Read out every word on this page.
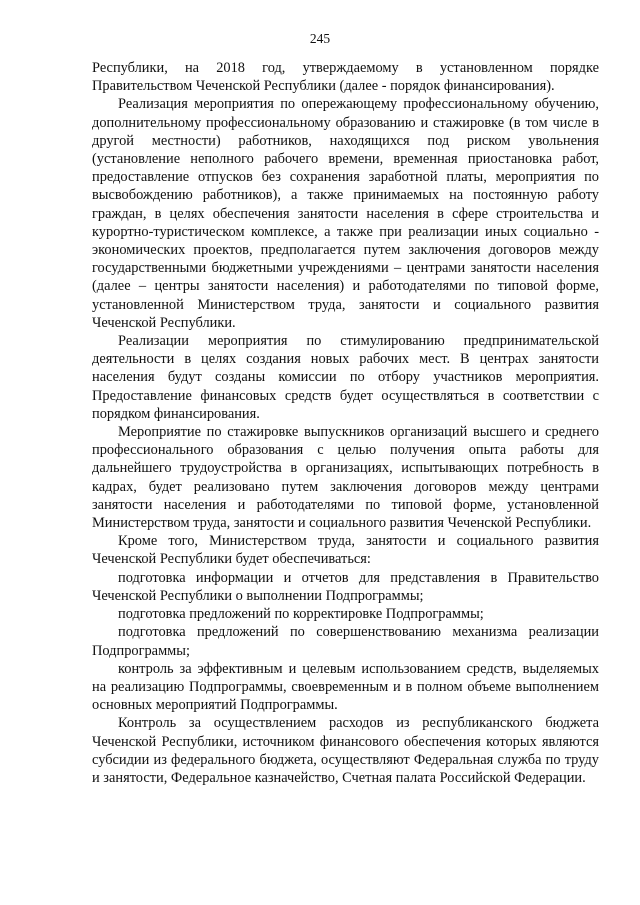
245

Республики, на 2018 год, утверждаемому в установленном порядке Правительством Чеченской Республики (далее - порядок финансирования).

Реализация мероприятия по опережающему профессиональному обучению, дополнительному профессиональному образованию и стажировке (в том числе в другой местности) работников, находящихся под риском увольнения (установление неполного рабочего времени, временная приостановка работ, предоставление отпусков без сохранения заработной платы, мероприятия по высвобождению работников), а также принимаемых на постоянную работу граждан, в целях обеспечения занятости населения в сфере строительства и курортно-туристическом комплексе, а также при реализации иных социально - экономических проектов, предполагается путем заключения договоров между государственными бюджетными учреждениями – центрами занятости населения (далее – центры занятости населения) и работодателями по типовой форме, установленной Министерством труда, занятости и социального развития Чеченской Республики.

Реализации мероприятия по стимулированию предпринимательской деятельности в целях создания новых рабочих мест. В центрах занятости населения будут созданы комиссии по отбору участников мероприятия. Предоставление финансовых средств будет осуществляться в соответствии с порядком финансирования.

Мероприятие по стажировке выпускников организаций высшего и среднего профессионального образования с целью получения опыта работы для дальнейшего трудоустройства в организациях, испытывающих потребность в кадрах, будет реализовано путем заключения договоров между центрами занятости населения и работодателями по типовой форме, установленной Министерством труда, занятости и социального развития Чеченской Республики.

Кроме того, Министерством труда, занятости и социального развития Чеченской Республики будет обеспечиваться:

подготовка информации и отчетов для представления в Правительство Чеченской Республики о выполнении Подпрограммы;

подготовка предложений по корректировке Подпрограммы;

подготовка предложений по совершенствованию механизма реализации Подпрограммы;

контроль за эффективным и целевым использованием средств, выделяемых на реализацию Подпрограммы, своевременным и в полном объеме выполнением основных мероприятий Подпрограммы.

Контроль за осуществлением расходов из республиканского бюджета Чеченской Республики, источником финансового обеспечения которых являются субсидии из федерального бюджета, осуществляют Федеральная служба по труду и занятости, Федеральное казначейство, Счетная палата Российской Федерации.
